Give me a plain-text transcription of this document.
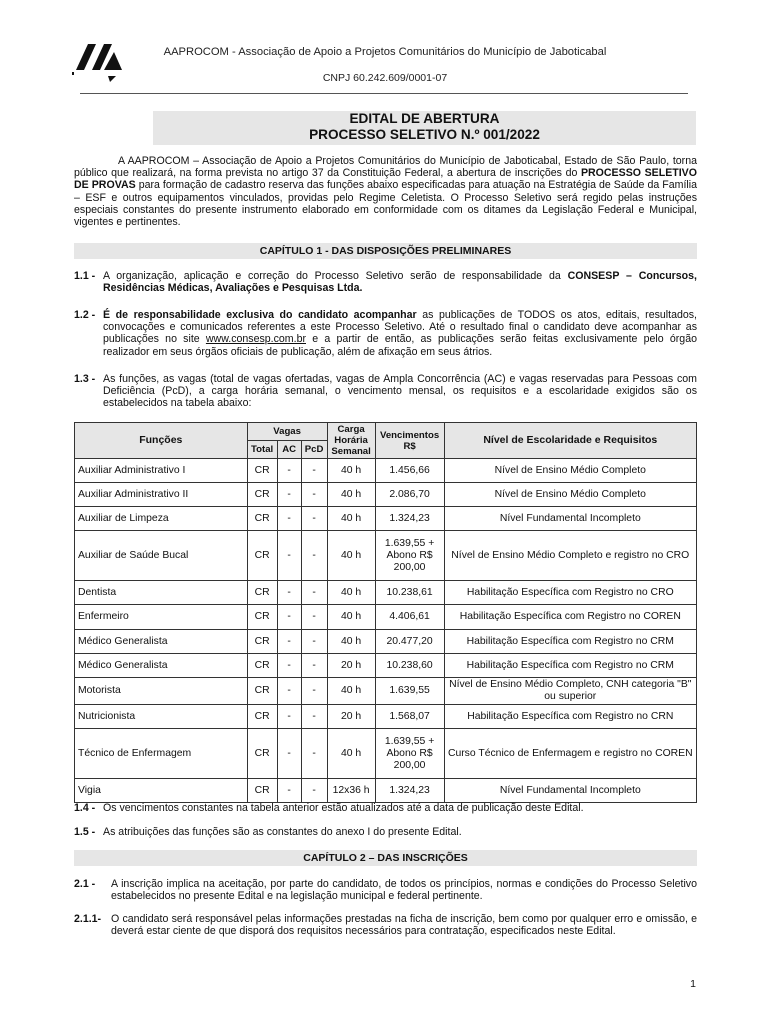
AAPROCOM - Associação de Apoio a Projetos Comunitários do Município de Jaboticabal
CNPJ 60.242.609/0001-07
EDITAL DE ABERTURA
PROCESSO SELETIVO N.º 001/2022
A AAPROCOM – Associação de Apoio a Projetos Comunitários do Município de Jaboticabal, Estado de São Paulo, torna público que realizará, na forma prevista no artigo 37 da Constituição Federal, a abertura de inscrições do PROCESSO SELETIVO DE PROVAS para formação de cadastro reserva das funções abaixo especificadas para atuação na Estratégia de Saúde da Família – ESF e outros equipamentos vinculados, providas pelo Regime Celetista. O Processo Seletivo será regido pelas instruções especiais constantes do presente instrumento elaborado em conformidade com os ditames da Legislação Federal e Municipal, vigentes e pertinentes.
CAPÍTULO 1 - DAS DISPOSIÇÕES PRELIMINARES
1.1 - A organização, aplicação e correção do Processo Seletivo serão de responsabilidade da CONSESP – Concursos, Residências Médicas, Avaliações e Pesquisas Ltda.
1.2 - É de responsabilidade exclusiva do candidato acompanhar as publicações de TODOS os atos, editais, resultados, convocações e comunicados referentes a este Processo Seletivo. Até o resultado final o candidato deve acompanhar as publicações no site www.consesp.com.br e a partir de então, as publicações serão feitas exclusivamente pelo órgão realizador em seus órgãos oficiais de publicação, além de afixação em seus átrios.
1.3 - As funções, as vagas (total de vagas ofertadas, vagas de Ampla Concorrência (AC) e vagas reservadas para Pessoas com Deficiência (PcD), a carga horária semanal, o vencimento mensal, os requisitos e a escolaridade exigidos são os estabelecidos na tabela abaixo:
Funções	Vagas			Carga Horária Semanal	Vencimentos R$	Nível de Escolaridade e Requisitos
	Total	AC	PcD			
Auxiliar Administrativo I	CR	-	-	40 h	1.456,66	Nível de Ensino Médio Completo
Auxiliar Administrativo II	CR	-	-	40 h	2.086,70	Nível de Ensino Médio Completo
Auxiliar de Limpeza	CR	-	-	40 h	1.324,23	Nível Fundamental Incompleto
Auxiliar de Saúde Bucal	CR	-	-	40 h	1.639,55 + Abono R$ 200,00	Nível de Ensino Médio Completo e registro no CRO
Dentista	CR	-	-	40 h	10.238,61	Habilitação Específica com Registro no CRO
Enfermeiro	CR	-	-	40 h	4.406,61	Habilitação Específica com Registro no COREN
Médico Generalista	CR	-	-	40 h	20.477,20	Habilitação Específica com Registro no CRM
Médico Generalista	CR	-	-	20 h	10.238,60	Habilitação Específica com Registro no CRM
Motorista	CR	-	-	40 h	1.639,55	Nível de Ensino Médio Completo, CNH categoria "B" ou superior
Nutricionista	CR	-	-	20 h	1.568,07	Habilitação Específica com Registro no CRN
Técnico de Enfermagem	CR	-	-	40 h	1.639,55 + Abono R$ 200,00	Curso Técnico de Enfermagem e registro no COREN
Vigia	CR	-	-	12x36 h	1.324,23	Nível Fundamental Incompleto
1.4 - Os vencimentos constantes na tabela anterior estão atualizados até a data de publicação deste Edital.
1.5 - As atribuições das funções são as constantes do anexo I do presente Edital.
CAPÍTULO 2 – DAS INSCRIÇÕES
2.1 - A inscrição implica na aceitação, por parte do candidato, de todos os princípios, normas e condições do Processo Seletivo estabelecidos no presente Edital e na legislação municipal e federal pertinente.
2.1.1- O candidato será responsável pelas informações prestadas na ficha de inscrição, bem como por qualquer erro e omissão, e deverá estar ciente de que disporá dos requisitos necessários para contratação, especificados neste Edital.
1
